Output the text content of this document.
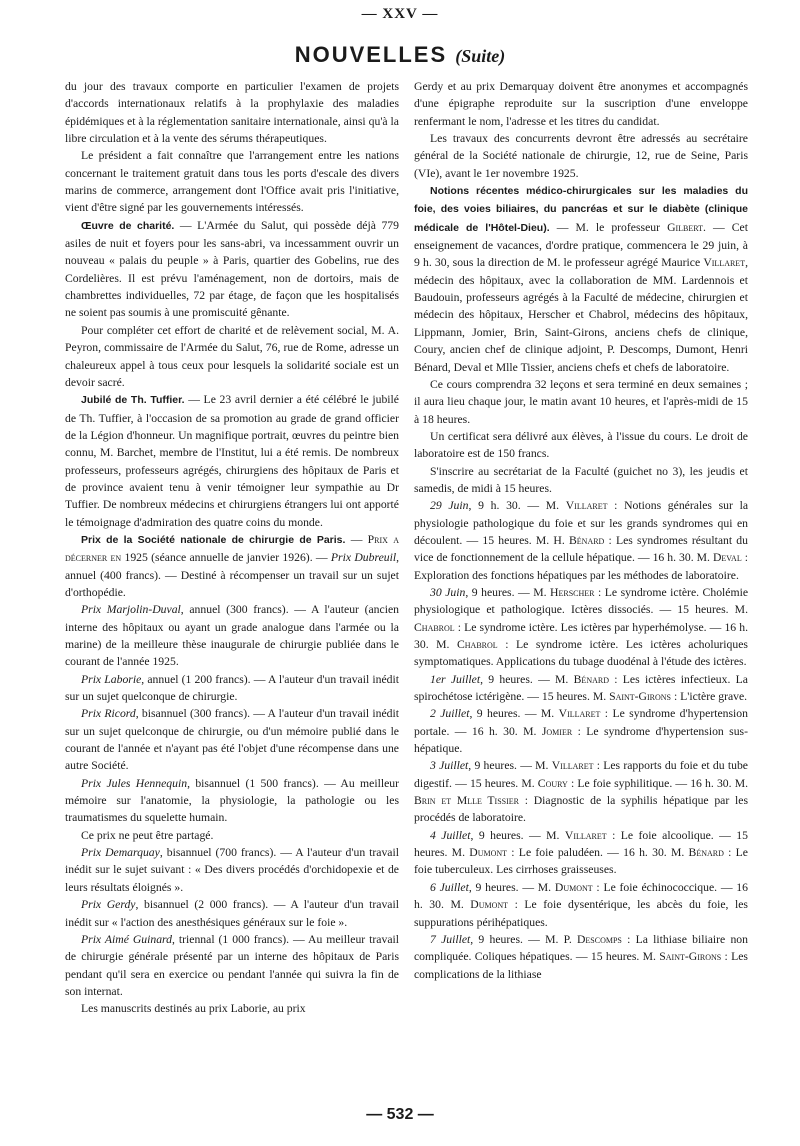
— XXV —
NOUVELLES (Suite)

du jour des travaux comporte en particulier l'examen de projets d'accords internationaux relatifs à la prophylaxie des maladies épidémiques et à la réglementation sanitaire internationale, ainsi qu'à la libre circulation et à la vente des sérums thérapeutiques.

Le président a fait connaître que l'arrangement entre les nations concernant le traitement gratuit dans tous les ports d'escale des divers marins de commerce, arrangement dont l'Office avait pris l'initiative, vient d'être signé par les gouvernements intéressés.

Œuvre de charité. — L'Armée du Salut, qui possède déjà 779 asiles de nuit et foyers pour les sans-abri, va incessamment ouvrir un nouveau « palais du peuple » à Paris, quartier des Gobelins, rue des Cordelières. Il est prévu l'aménagement, non de dortoirs, mais de chambrettes individuelles, 72 par étage, de façon que les hospitalisés ne soient pas soumis à une promiscuité gênante.

Pour compléter cet effort de charité et de relèvement social, M. A. Peyron, commissaire de l'Armée du Salut, 76, rue de Rome, adresse un chaleureux appel à tous ceux pour lesquels la solidarité sociale est un devoir sacré.

Jubilé de Th. Tuffier. — Le 23 avril dernier a été célébré le jubilé de Th. Tuffier, à l'occasion de sa promotion au grade de grand officier de la Légion d'honneur. Un magnifique portrait, œuvres du peintre bien connu, M. Barchet, membre de l'Institut, lui a été remis. De nombreux professeurs, professeurs agrégés, chirurgiens des hôpitaux de Paris et de province avaient tenu à venir témoigner leur sympathie au Dr Tuffier. De nombreux médecins et chirurgiens étrangers lui ont apporté le témoignage d'admiration des quatre coins du monde.

Prix de la Société nationale de chirurgie de Paris. — Prix a décerner en 1925 (séance annuelle de janvier 1926). — Prix Dubreuil, annuel (400 francs). — Destiné à récompenser un travail sur un sujet d'orthopédie.

Prix Marjolin-Duval, annuel (300 francs). — A l'auteur (ancien interne des hôpitaux ou ayant un grade analogue dans l'armée ou la marine) de la meilleure thèse inaugurale de chirurgie publiée dans le courant de l'année 1925.

Prix Laborie, annuel (1 200 francs). — A l'auteur d'un travail inédit sur un sujet quelconque de chirurgie.

Prix Ricord, bisannuel (300 francs). — A l'auteur d'un travail inédit sur un sujet quelconque de chirurgie, ou d'un mémoire publié dans le courant de l'année et n'ayant pas été l'objet d'une récompense dans une autre Société.

Prix Jules Hennequin, bisannuel (1 500 francs). — Au meilleur mémoire sur l'anatomie, la physiologie, la pathologie ou les traumatismes du squelette humain.

Ce prix ne peut être partagé.

Prix Demarquay, bisannuel (700 francs). — A l'auteur d'un travail inédit sur le sujet suivant : « Des divers procédés d'orchidopexie et de leurs résultats éloignés ».

Prix Gerdy, bisannuel (2 000 francs). — A l'auteur d'un travail inédit sur « l'action des anesthésiques généraux sur le foie ».

Prix Aimé Guinard, triennal (1 000 francs). — Au meilleur travail de chirurgie générale présenté par un interne des hôpitaux de Paris pendant qu'il sera en exercice ou pendant l'année qui suivra la fin de son internat.

Les manuscrits destinés au prix Laborie, au prix

Gerdy et au prix Demarquay doivent être anonymes et accompagnés d'une épigraphe reproduite sur la suscription d'une enveloppe renfermant le nom, l'adresse et les titres du candidat.

Les travaux des concurrents devront être adressés au secrétaire général de la Société nationale de chirurgie, 12, rue de Seine, Paris (VIe), avant le 1er novembre 1925.

Notions récentes médico-chirurgicales sur les maladies du foie, des voies biliaires, du pancréas et sur le diabète (clinique médicale de l'Hôtel-Dieu). — M. le professeur Gilbert. — Cet enseignement de vacances, d'ordre pratique, commencera le 29 juin, à 9 h. 30, sous la direction de M. le professeur agrégé Maurice Villaret, médecin des hôpitaux, avec la collaboration de MM. Lardennois et Baudouin, professeurs agrégés à la Faculté de médecine, chirurgien et médecin des hôpitaux, Herscher et Chabrol, médecins des hôpitaux, Lippmann, Jomier, Brin, Saint-Girons, anciens chefs de clinique, Coury, ancien chef de clinique adjoint, P. Descomps, Dumont, Henri Bénard, Deval et Mlle Tissier, anciens chefs et chefs de laboratoire.

Ce cours comprendra 32 leçons et sera terminé en deux semaines ; il aura lieu chaque jour, le matin avant 10 heures, et l'après-midi de 15 à 18 heures.

Un certificat sera délivré aux élèves, à l'issue du cours. Le droit de laboratoire est de 150 francs.

S'inscrire au secrétariat de la Faculté (guichet no 3), les jeudis et samedis, de midi à 15 heures.

29 Juin, 9 h. 30. — M. Villaret : Notions générales sur la physiologie pathologique du foie et sur les grands syndromes qui en découlent. — 15 heures. M. H. Bénard : Les syndromes résultant du vice de fonctionnement de la cellule hépatique. — 16 h. 30. M. Deval : Exploration des fonctions hépatiques par les méthodes de laboratoire.

30 Juin, 9 heures. — M. Herscher : Le syndrome ictère. Cholémie physiologique et pathologique. Ictères dissociés. — 15 heures. M. Chabrol : Le syndrome ictère. Les ictères par hyperhémolyse. — 16 h. 30. M. Chabrol : Le syndrome ictère. Les ictères acholuriques symptomatiques. Applications du tubage duodénal à l'étude des ictères.

1er Juillet, 9 heures. — M. Bénard : Les ictères infectieux. La spirochétose ictérigène. — 15 heures. M. Saint-Girons : L'ictère grave.

2 Juillet, 9 heures. — M. Villaret : Le syndrome d'hypertension portale. — 16 h. 30. M. Jomier : Le syndrome d'hypertension sus-hépatique.

3 Juillet, 9 heures. — M. Villaret : Les rapports du foie et du tube digestif. — 15 heures. M. Coury : Le foie syphilitique. — 16 h. 30. M. Brin et Mlle Tissier : Diagnostic de la syphilis hépatique par les procédés de laboratoire.

4 Juillet, 9 heures. — M. Villaret : Le foie alcoolique. — 15 heures. M. Dumont : Le foie paludéen. — 16 h. 30. M. Bénard : Le foie tuberculeux. Les cirrhoses graisseuses.

6 Juillet, 9 heures. — M. Dumont : Le foie échinococcique. — 16 h. 30. M. Dumont : Le foie dysentérique, les abcès du foie, les suppurations périhépatiques.

7 Juillet, 9 heures. — M. P. Descomps : La lithiase biliaire non compliquée. Coliques hépatiques. — 15 heures. M. Saint-Girons : Les complications de la lithiase

— 532 —
